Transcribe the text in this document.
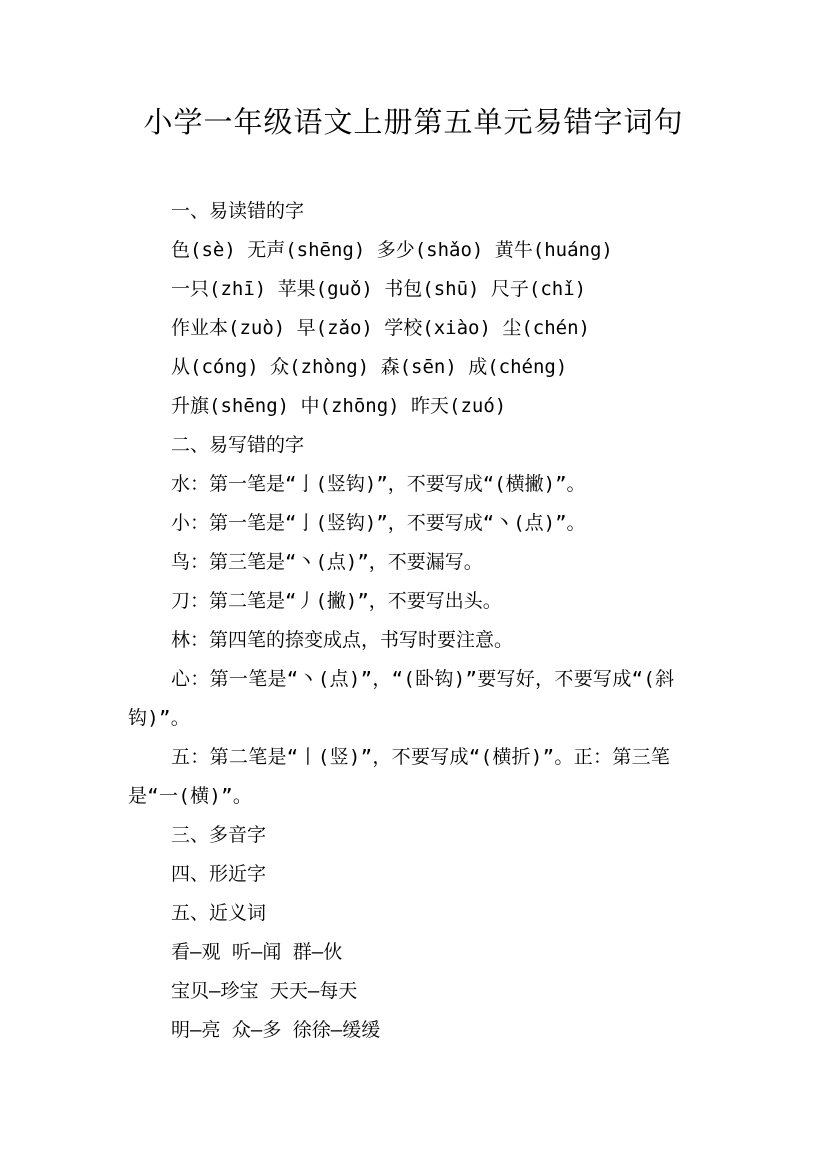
小学一年级语文上册第五单元易错字词句
一、易读错的字
色(sè) 无声(shēng) 多少(shǎo) 黄牛(huáng)
一只(zhī) 苹果(guǒ) 书包(shū) 尺子(chǐ)
作业本(zuò) 早(zǎo) 学校(xiào) 尘(chén)
从(cóng) 众(zhòng) 森(sēn) 成(chéng)
升旗(shēng) 中(zhōng) 昨天(zuó)
二、易写错的字
水：第一笔是“亅(竖钩)”，不要写成“(横撇)”。
小：第一笔是“亅(竖钩)”，不要写成“丶(点)”。
鸟：第三笔是“丶(点)”，不要漏写。
刀：第二笔是“丿(撇)”，不要写出头。
林：第四笔的捺变成点，书写时要注意。
心：第一笔是“丶(点)”，“(卧钩)”要写好，不要写成“(斜钩)”。
五：第二笔是“丨(竖)”，不要写成“(横折)”。正：第三笔是“一(横)”。
三、多音字
四、形近字
五、近义词
看—观 听—闻 群—伙
宝贝—珍宝 天天—每天
明—亮 众—多 徐徐—缓缓
